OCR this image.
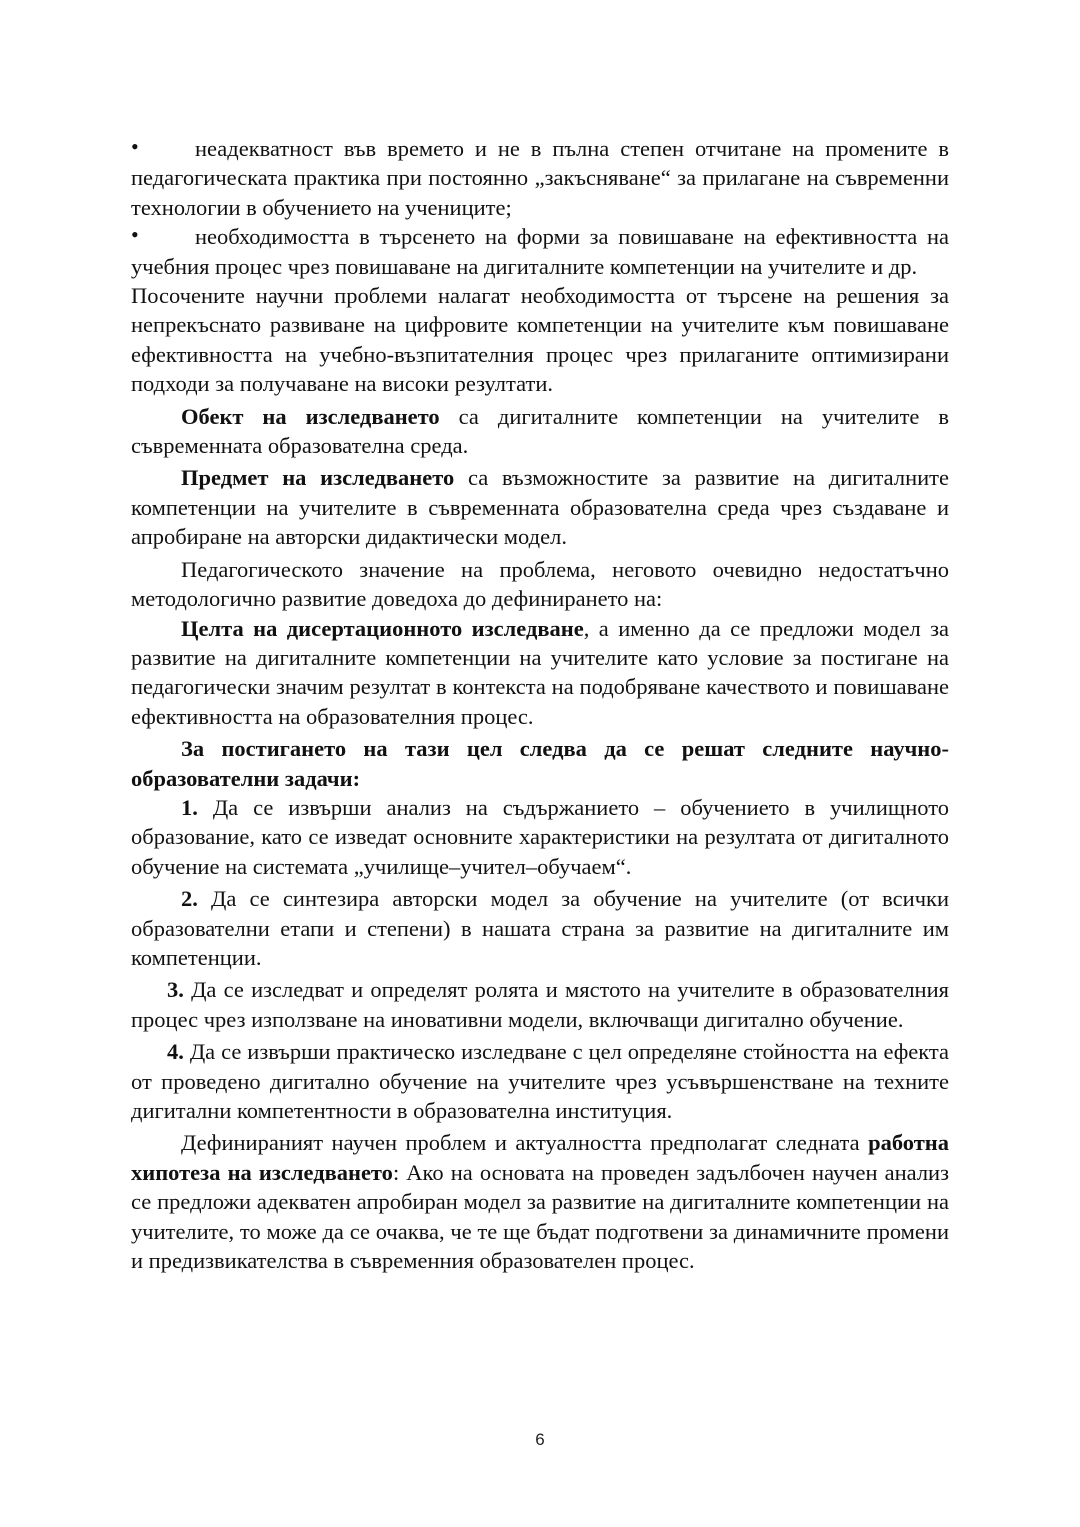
•	неадекватност във времето и не в пълна степен отчитане на промените в педагогическата практика при постоянно „закъсняване“ за прилагане на съвременни технологии в обучението на учениците;

•	необходимостта в търсенето на форми за повишаване на ефективността на учебния процес чрез повишаване на дигиталните компетенции на учителите и др.

Посочените научни проблеми налагат необходимостта от търсене на решения за непрекъснато развиване на цифровите компетенции на учителите към повишаване ефективността на учебно-възпитателния процес чрез прилаганите оптимизирани подходи за получаване на високи резултати.

Обект на изследването са дигиталните компетенции на учителите в съвременната образователна среда.

Предмет на изследването са възможностите за развитие на дигиталните компетенции на учителите в съвременната образователна среда чрез създаване и апробиране на авторски дидактически модел.

Педагогическото значение на проблема, неговото очевидно недостатъчно методологично развитие доведоха до дефинирането на:

Целта на дисертационното изследване, а именно да се предложи модел за развитие на дигиталните компетенции на учителите като условие за постигане на педагогически значим резултат в контекста на подобряване качеството и повишаване ефективността на образователния процес.

За постигането на тази цел следва да се решат следните научно-образователни задачи:

1. Да се извърши анализ на съдържанието – обучението в училищното образование, като се изведат основните характеристики на резултата от дигиталното обучение на системата „училище–учител–обучаем“.

2. Да се синтезира авторски модел за обучение на учителите (от всички образователни етапи и степени) в нашата страна за развитие на дигиталните им компетенции.

3. Да се изследват и определят ролята и мястото на учителите в образователния процес чрез използване на иновативни модели, включващи дигитално обучение.

4. Да се извърши практическо изследване с цел определяне стойността на ефекта от проведено дигитално обучение на учителите чрез усъвършенстване на техните дигитални компетентности в образователна институция.

Дефинираният научен проблем и актуалността предполагат следната работна хипотеза на изследването: Ако на основата на проведен задълбочен научен анализ се предложи адекватен апробиран модел за развитие на дигиталните компетенции на учителите, то може да се очаква, че те ще бъдат подготвени за динамичните промени и предизвикателства в съвременния образователен процес.

6
